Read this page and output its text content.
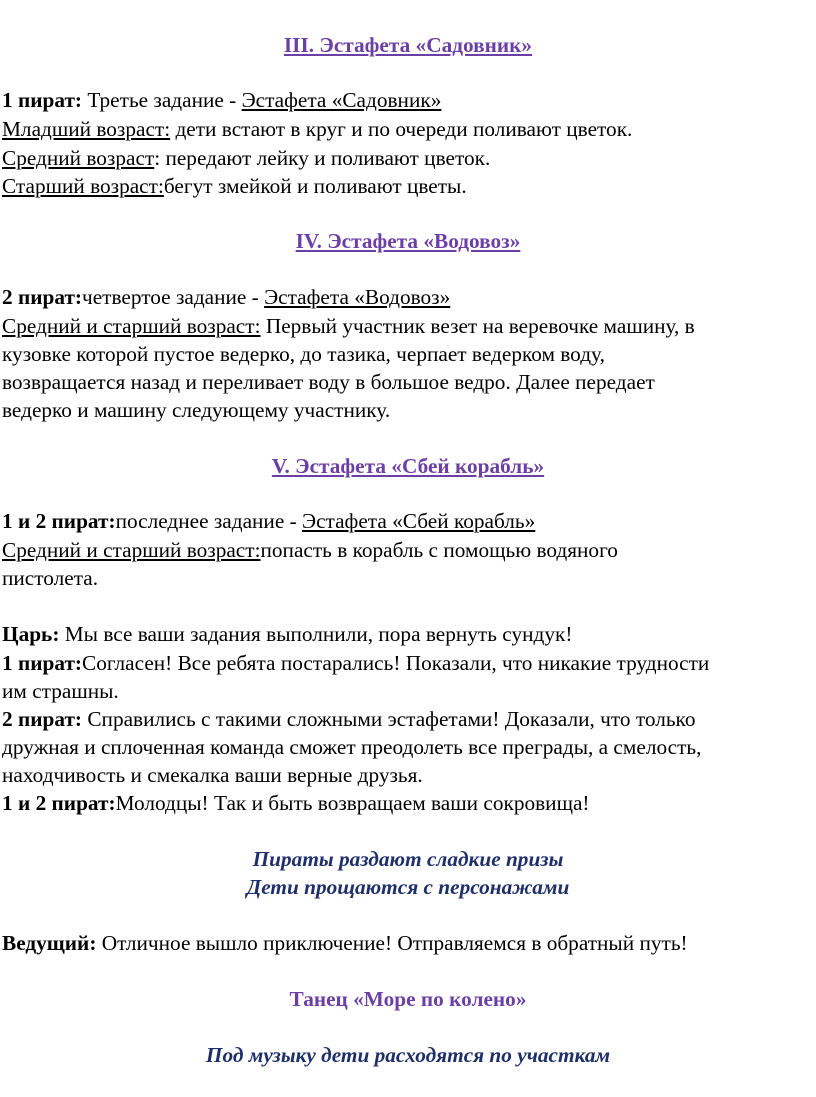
III. Эстафета «Садовник»
1 пират: Третье задание - Эстафета «Садовник»
Младший возраст: дети встают в круг и по очереди поливают цветок.
Средний возраст: передают лейку и поливают цветок.
Старший возраст:бегут змейкой и поливают цветы.
IV. Эстафета «Водовоз»
2 пират:четвертое задание - Эстафета «Водовоз»
Средний и старший возраст: Первый участник везет на веревочке машину, в
кузовке которой пустое ведерко, до тазика, черпает ведерком воду,
возвращается назад и переливает воду в большое ведро. Далее передает
ведерко и машину следующему участнику.
V. Эстафета «Сбей корабль»
1 и 2 пират:последнее задание - Эстафета «Сбей корабль»
Средний и старший возраст:попасть в корабль с помощью водяного
пистолета.
Царь: Мы все ваши задания выполнили, пора вернуть сундук!
1 пират:Согласен! Все ребята постарались! Показали, что никакие трудности
им страшны.
2 пират: Справились с такими сложными эстафетами! Доказали, что только
дружная и сплоченная команда сможет преодолеть все преграды, а смелость,
находчивость и смекалка ваши верные друзья.
1 и 2 пират:Молодцы! Так и быть возвращаем ваши сокровища!
Пираты раздают сладкие призы
Дети прощаются с персонажами
Ведущий: Отличное вышло приключение! Отправляемся в обратный путь!
Танец «Море по колено»
Под музыку дети расходятся по участкам
